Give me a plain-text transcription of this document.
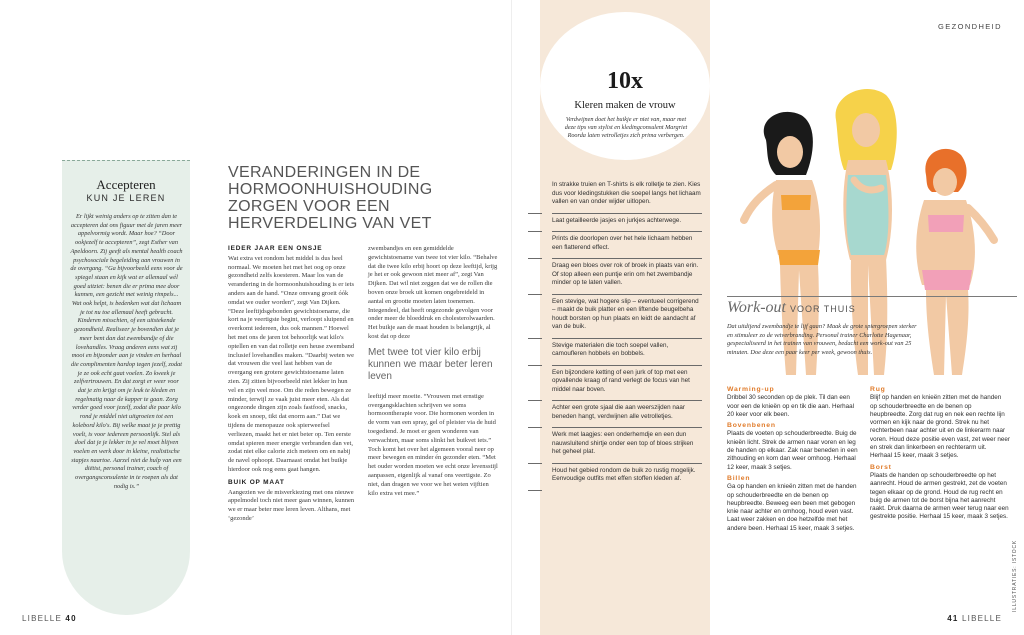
Accepteren
KUN JE LEREN
Er lijkt weinig anders op te zitten dan te accepteren dat ons figuur met de jaren meer appelvormig wordt. Maar hoe? “Door ookjezelf te accepteren”, zegt Esther van Apeldoorn. Zij geeft als mental health coach psychosociale begeleiding aan vrouwen in de overgang. “Ga bijvoorbeeld eens voor de spiegel staan en kijk wat er allemaal wél goed uitziet: benen die er prima mee door kunnen, een gezicht met weinig rimpels... Wat ook helpt, is bedenken wat dat lichaam je tot nu toe allemaal heeft gebracht. Kinderen misschien, of een uitstekende gezondheid. Realiseer je bovendien dat je meer bent dan dat zwembandje of die lovehandles. Vraag anderen eens wat zij mooi en bijzonder aan je vinden en herhaal die complimenten hardop tegen jezelf, zodat je ze ook echt gaat voelen. Zo kweek je zelfvertrouwen. En dat zorgt er weer voor dat je zin krijgt om je leuk te kleden en regelmatig naar de kapper te gaan. Zorg verder goed voor jezelf, zodat die paar kilo rond je middel niet uitgroeien tot een kolebord kilo's. Bij welke maat je je prettig voelt, is voor iedereen persoonlijk. Stel als doel dat je je lekker in je vel moet blijven voelen en werk door in kleine, realistische stapjes naartoe. Aarzel niet de hulp van een diëtist, personal trainer, coach of overgangsconsulente in te roepen als dat nodig is.”
VERANDERINGEN IN DE HORMOONHUISHOUDING ZORGEN VOOR EEN HERVERDELING VAN VET
IEDER JAAR EEN ONSJE

Wat extra vet rondom het middel is dus heel normaal. We moeten het met het oog op onze gezondheid zelfs koesteren. Maar los van de verandering in de hormoonhuishouding is er iets anders aan de hand. “Onze omvang groeit óók omdat we ouder worden”, zegt Van Dijken. “Deze leeftijdsgebonden gewichtstoename, die kort na je veertigste begint, verloopt sluipend en overkomt iedereen, dus ook mannen.” Hoewel het met ons de jaren tot behoorlijk wat kilo's optellen en van dat rolletje een heuse zwemband inclusief lovehandles maken. “Daarbij weten we dat vrouwen die veel last hebben van de overgang een grotere gewichtstoename laten zien. Zij zitten bijvoorbeeld niet lekker in hun vel en zijn veel moe. Om die reden bewegen ze minder, terwijl ze vaak juist meer eten. Als dat ongezonde dingen zijn zoals fastfood, snacks, koek en snoep, tikt dat enorm aan.” Dat we tijdens de menopauze ook spierweefsel verliezen, maakt het er niet beter op. Ten eerste omdat spieren meer energie verbranden dan vet, zodat niet elke calorie zich meteen om en nabij de navel ophoopt. Daarnaast omdat het buikje hierdoor ook nog eens gaat hangen.

BUIK OP MAAT

Aangezien we de misverkiezing met ons nieuwe appelmodel toch niet meer gaan winnen, kunnen we er maar beter mee leren leven. Althans, met ‘gezonde’

zwembandjes en een gemiddelde gewichtstoename van twee tot vier kilo. “Behalve dat die twee kilo erbij hoort op deze leeftijd, krijg je het er ook gewoon niet meer af”, zegt Van Dijken. Dat wil niet zeggen dat we de rollen die boven onze broek uit komen ongebreideld in aantal en grootte moeten laten toenemen. Integendeel, dat heeft ongezonde gevolgen voor onder meer de bloeddruk en cholesterolwaarden. Het buikje aan de maat houden is belangrijk, al kost dat op deze

Met twee tot vier kilo erbij kunnen we maar beter leren leven

leeftijd meer moeite. “Vrouwen met ernstige overgangsklachten schrijven we soms hormoontherapie voor. Die hormonen worden in de vorm van een spray, gel of pleister via de huid toegediend. Je moet er geen wonderen van verwachten, maar soms slinkt het buikvet iets.” Toch komt het over het algemeen vooral neer op meer bewegen en minder én gezonder eten. “Met het ouder worden moeten we echt onze levensstijl aanpassen, eigenlijk al vanaf ons veertigste. Zo niet, dan dragen we voor we het weten vijftien kilo extra vet mee.”

LIBELLE 40
10x
Kleren maken de vrouw
Verdwijnen doet het buikje er niet van, maar met deze tips van stylist en kledingconsulent Margriet Roorda laten vetrolletjes zich prima verbergen.
In strakke truien en T-shirts is elk rolletje te zien. Kies dus voor kledingstukken die soepel langs het lichaam vallen en van onder wijder uitlopen.
Laat getailleerde jasjes en jurkjes achterwege.
Prints die doorlopen over het hele lichaam hebben een flatterend effect.
Draag een bloes over rok of broek in plaats van erin. Of stop alleen een puntje erin om het zwembandje minder op te laten vallen.
Een stevige, wat hogere slip – eventueel corrigerend – maakt de buik platter en een liftende beugelbeha houdt borsten op hun plaats en leidt de aandacht af van de buik.
Stevige materialen die toch soepel vallen, camoufleren hobbels en bobbels.
Een bijzondere ketting of een jurk of top met een opvallende kraag of rand verlegt de focus van het middel naar boven.
Achter een grote sjaal die aan weerszijden naar beneden hangt, verdwijnen alle vetrolletjes.
Werk met laagjes: een onderhemdje en een dun nauwsluitend shirtje onder een top of bloes strijken het geheel plat.
Houd het gebied rondom de buik zo rustig mogelijk. Eenvoudige outfits met effen stoffen kleden af.
GEZONDHEID
Work-out VOOR THUIS
Dat uitdijend zwembandje te lijf gaan? Maak de grote spiergroepen sterker en stimuleer zo de vetverbranding. Personal trainer Charlotte Hagenaar, gespecialiseerd in het trainen van vrouwen, bedacht een work-out van 25 minuten. Doe deze een paar keer per week, gewoon thuis.
Warming-up

Dribbel 30 seconden op de plek. Til dan een voor een de knieën op en tik die aan. Herhaal 20 keer voor elk been.

Bovenbenen

Plaats de voeten op schouderbreedte. Buig de knieën licht. Strek de armen naar voren en leg de handen op elkaar. Zak naar beneden in een zithouding en kom dan weer omhoog. Herhaal 12 keer, maak 3 setjes.

Billen

Ga op handen en knieën zitten met de handen op schouderbreedte en de benen op heupbreedte. Beweeg een been met gebogen knie naar achter en omhoog, houd even vast. Laat weer zakken en doe hetzelfde met het andere been. Herhaal 15 keer, maak 3 setjes.

Rug

Blijf op handen en knieën zitten met de handen op schouderbreedte en de benen op heupbreedte. Zorg dat rug en nek een rechte lijn vormen en kijk naar de grond. Strek nu het rechterbeen naar achter uit en de linkerarm naar voren. Houd deze positie even vast, zet weer neer en strek dan linkerbeen en rechterarm uit. Herhaal 15 keer, maak 3 setjes.

Borst

Plaats de handen op schouderbreedte op het aanrecht. Houd de armen gestrekt, zet de voeten tegen elkaar op de grond. Houd de rug recht en buig de armen tot de borst bijna het aanrecht raakt. Druk daarna de armen weer terug naar een gestrekte positie. Herhaal 15 keer, maak 3 setjes.

ILLUSTRATIES: ISTOCK
41 LIBELLE
